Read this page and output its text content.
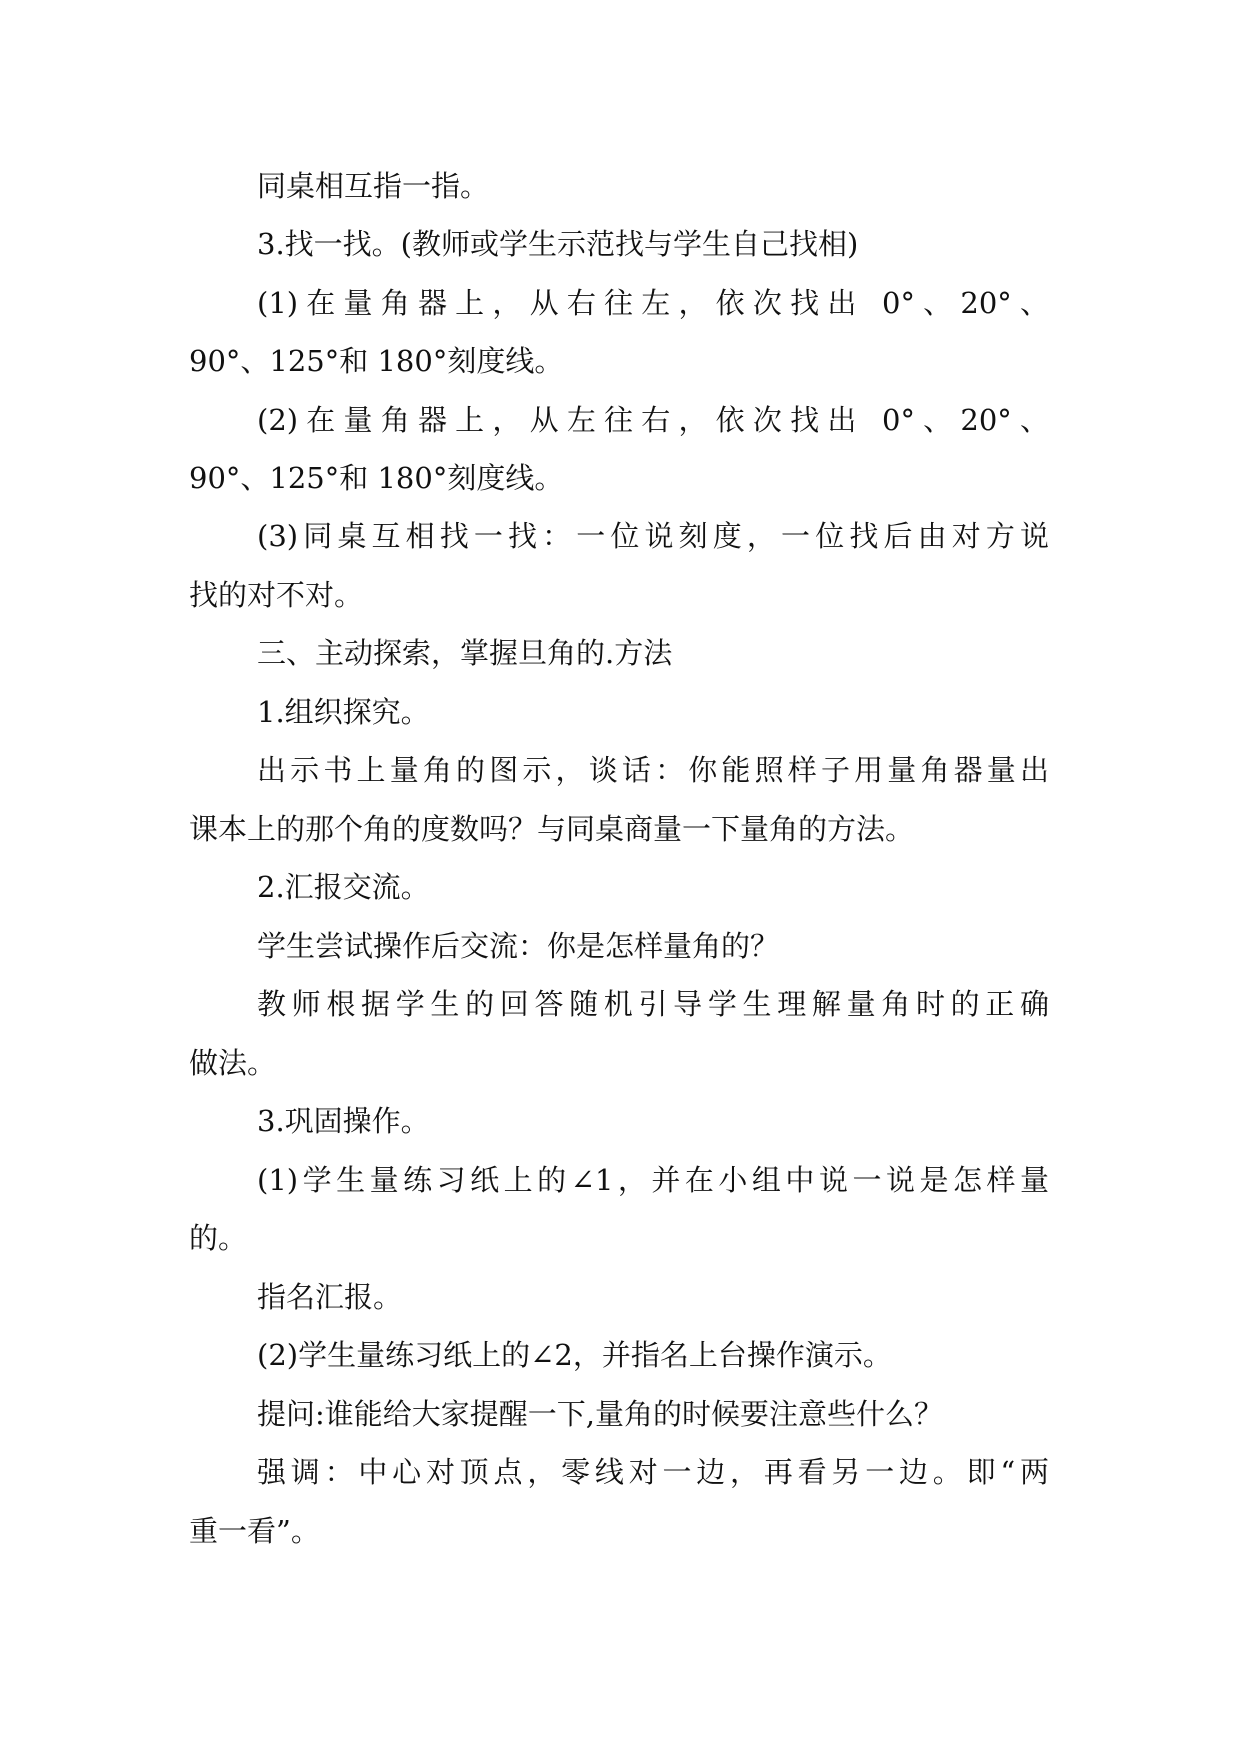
同桌相互指一指。
3.找一找。(教师或学生示范找与学生自己找相)
(1)在量角器上，从右往左，依次找出 0°、20°、
90°、125°和 180°刻度线。
(2)在量角器上，从左往右，依次找出 0°、20°、
90°、125°和 180°刻度线。
(3)同桌互相找一找：一位说刻度，一位找后由对方说
找的对不对。
三、主动探索，掌握旦角的.方法
1.组织探究。
出示书上量角的图示，谈话：你能照样子用量角器量出
课本上的那个角的度数吗？与同桌商量一下量角的方法。
2.汇报交流。
学生尝试操作后交流：你是怎样量角的？
教师根据学生的回答随机引导学生理解量角时的正确
做法。
3.巩固操作。
(1)学生量练习纸上的∠1，并在小组中说一说是怎样量
的。
指名汇报。
(2)学生量练习纸上的∠2，并指名上台操作演示。
提问:谁能给大家提醒一下,量角的时候要注意些什么？
强调：中心对顶点，零线对一边，再看另一边。即“两
重一看”。
